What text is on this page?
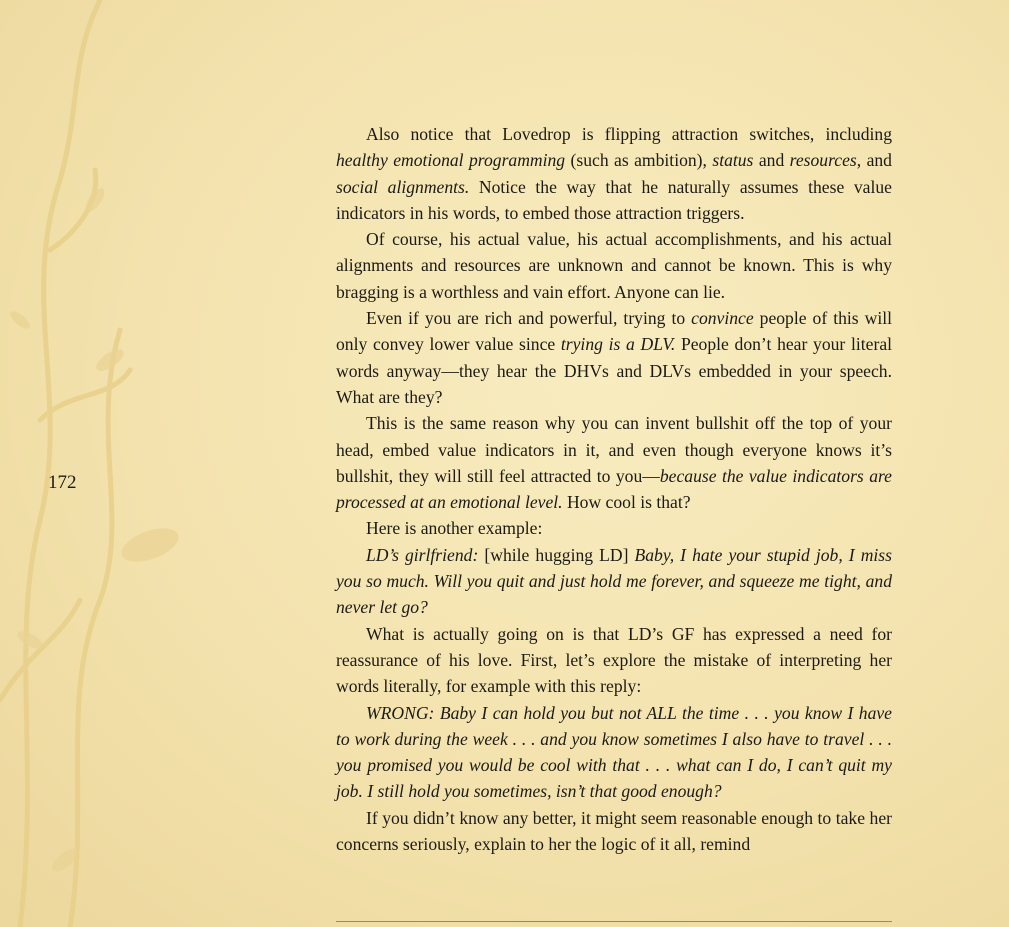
172

Also notice that Lovedrop is flipping attraction switches, including healthy emotional programming (such as ambition), status and resources, and social alignments. Notice the way that he naturally assumes these value indicators in his words, to embed those attraction triggers.

Of course, his actual value, his actual accomplishments, and his actual alignments and resources are unknown and cannot be known. This is why bragging is a worthless and vain effort. Anyone can lie.

Even if you are rich and powerful, trying to convince people of this will only convey lower value since trying is a DLV. People don’t hear your literal words anyway—they hear the DHVs and DLVs embedded in your speech. What are they?

This is the same reason why you can invent bullshit off the top of your head, embed value indicators in it, and even though everyone knows it’s bullshit, they will still feel attracted to you—because the value indicators are processed at an emotional level. How cool is that?

Here is another example:

LD’s girlfriend: [while hugging LD] Baby, I hate your stupid job, I miss you so much. Will you quit and just hold me forever, and squeeze me tight, and never let go?

What is actually going on is that LD’s GF has expressed a need for reassurance of his love. First, let’s explore the mistake of interpreting her words literally, for example with this reply:

WRONG: Baby I can hold you but not ALL the time . . . you know I have to work during the week . . . and you know sometimes I also have to travel . . . you promised you would be cool with that . . . what can I do, I can’t quit my job. I still hold you sometimes, isn’t that good enough?

If you didn’t know any better, it might seem reasonable enough to take her concerns seriously, explain to her the logic of it all, remind
